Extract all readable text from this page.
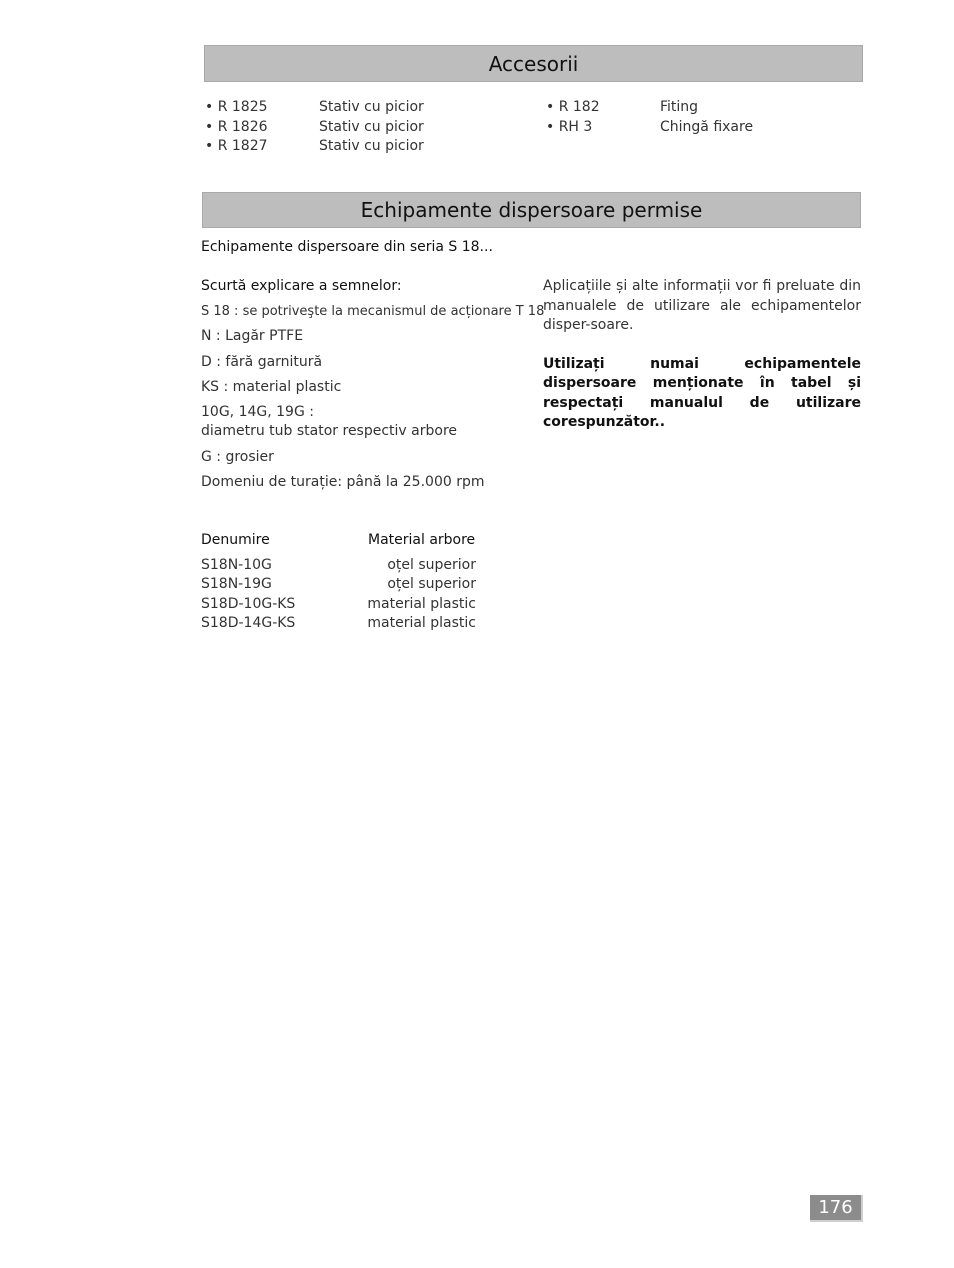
Accesorii
• R 1825	Stativ cu picior
• R 1826	Stativ cu picior
• R 1827	Stativ cu picior
• R 182	Fiting
• RH 3	Chingă fixare
Echipamente dispersoare permise
Echipamente dispersoare din seria S 18...
Scurtă explicare a semnelor:
S 18 : se potriveşte la mecanismul de acționare T 18
N : Lagăr PTFE
D : fără garnitură
KS : material plastic
10G, 14G, 19G :
diametru tub stator respectiv arbore
G : grosier
Domeniu de turație: până la 25.000 rpm

Aplicațiile și alte informații vor fi preluate din manualele de utilizare ale echipamentelor disper-soare.

Utilizați numai echipamentele dispersoare menționate în tabel și respectați manualul de utilizare corespunzător..

Denumire	Material arbore
S18N-10G	oțel superior
S18N-19G	oțel superior
S18D-10G-KS	material plastic
S18D-14G-KS	material plastic
176
